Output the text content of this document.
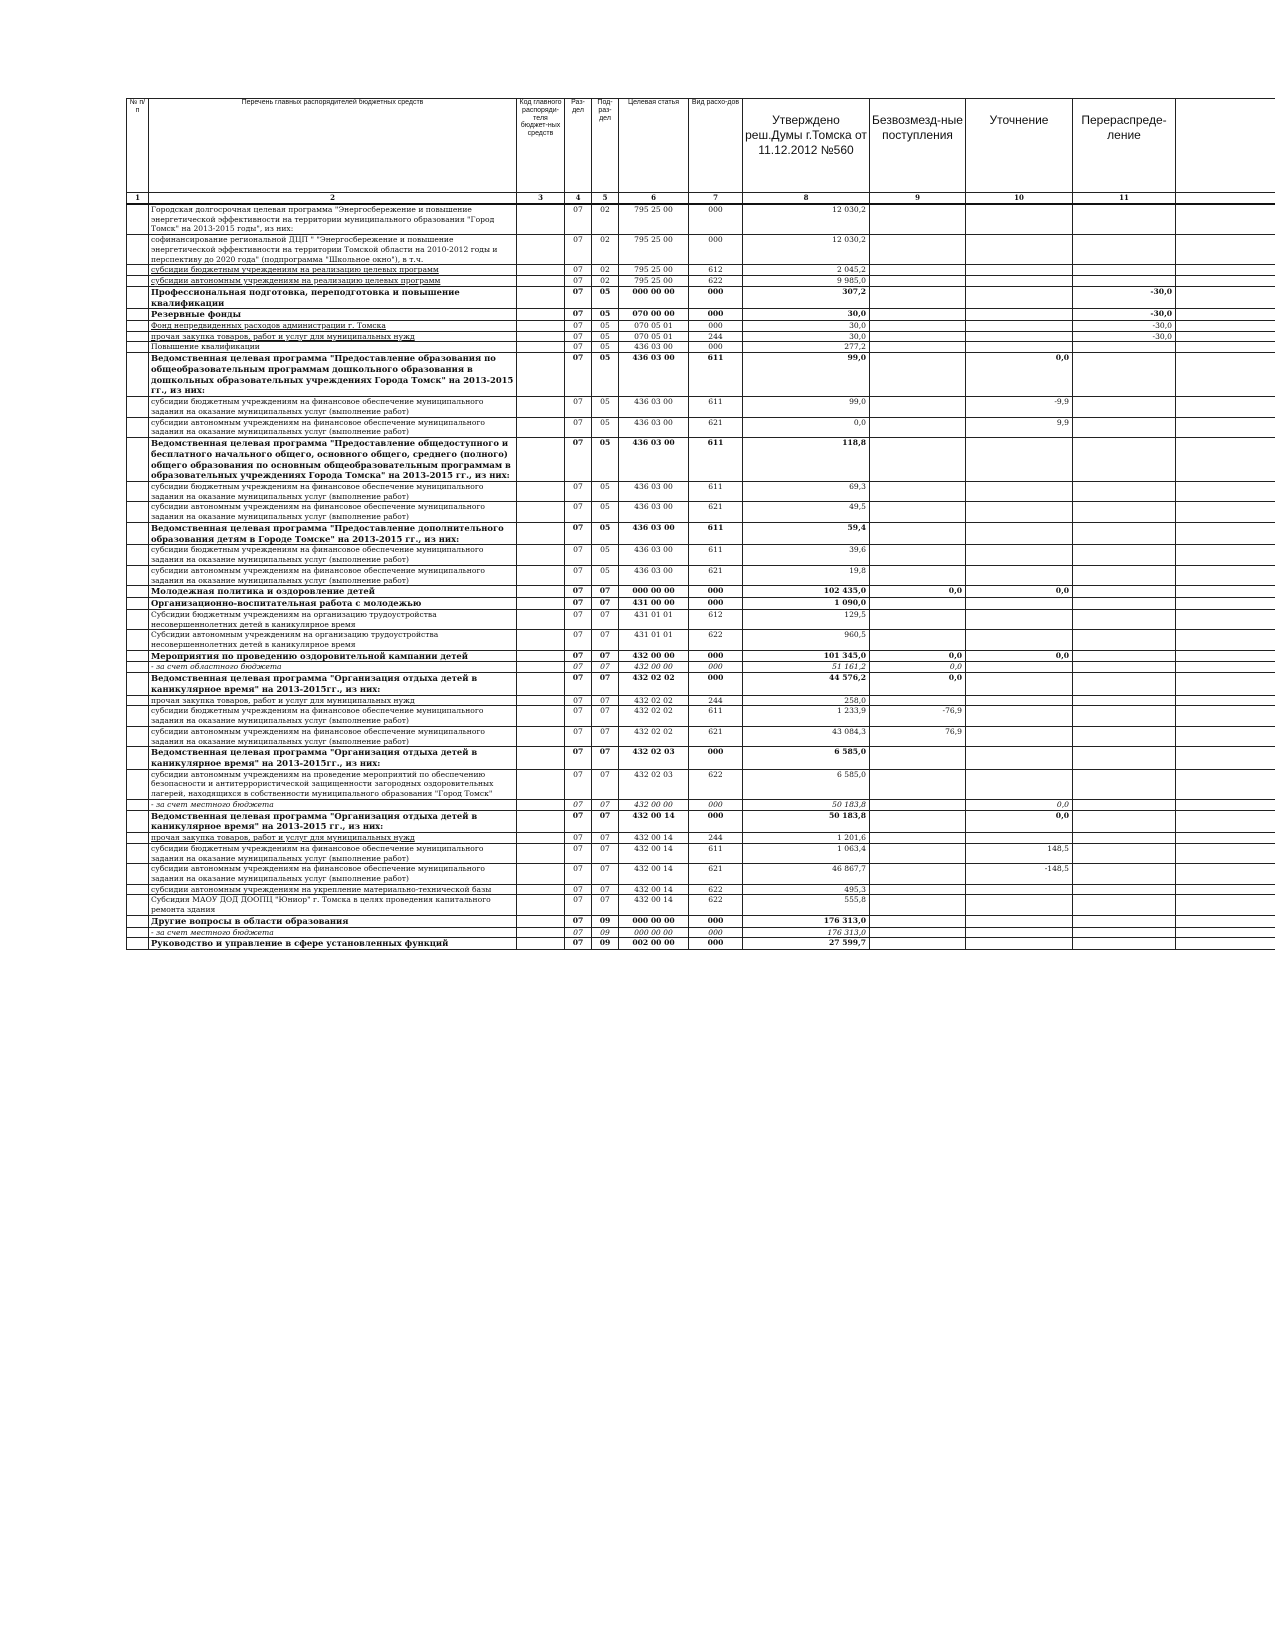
№ п/п	Перечень главных распорядителей бюджетных средств	Код главного распоряди-теля бюджет-ных средств	Раз-дел	Под-раз-дел	Целевая статья	Вид расхо-дов	Утверждено реш.Думы г.Томска от 11.12.2012 №560	Безвозмезд-ные поступления	Уточнение	Перераспреде-ление	
1	2	3	4	5	6	7	8	9	10	11	
	Городская долгосрочная целевая программа "Энергосбережение и повышение энергетической эффективности на территории муниципального образования "Город Томск" на 2013-2015 годы", из них:		07	02	795 25 00	000	12 030,2				
	софинансирование региональной ДЦП " "Энергосбережение и повышение энергетической эффективности на территории Томской области на 2010-2012 годы и перспективу до 2020 года" (подпрограмма "Школьное окно"), в т.ч.		07	02	795 25 00	000	12 030,2				
	субсидии бюджетным учреждениям на реализацию целевых программ		07	02	795 25 00	612	2 045,2				
	субсидии автономным учреждениям на реализацию целевых программ		07	02	795 25 00	622	9 985,0				
	Профессиональная подготовка, переподготовка и повышение квалификации		07	05	000 00 00	000	307,2			-30,0	
	Резервные фонды		07	05	070 00 00	000	30,0			-30,0	
	Фонд непредвиденных расходов администрации г. Томска		07	05	070 05 01	000	30,0			-30,0	
	прочая закупка товаров, работ и услуг для муниципальных нужд		07	05	070 05 01	244	30,0			-30,0	
	Повышение квалификации		07	05	436 03 00	000	277,2				
	Ведомственная целевая программа "Предоставление образования по общеобразовательным программам дошкольного образования в дошкольных образовательных учреждениях Города Томск" на 2013-2015 гг., из них:		07	05	436 03 00	611	99,0		0,0		
	субсидии бюджетным учреждениям на финансовое обеспечение муниципального задания на оказание муниципальных услуг (выполнение работ)		07	05	436 03 00	611	99,0		-9,9		
	субсидии автономным учреждениям на финансовое обеспечение муниципального задания на оказание муниципальных услуг (выполнение работ)		07	05	436 03 00	621	0,0		9,9		
	Ведомственная целевая программа "Предоставление общедоступного и бесплатного начального общего, основного общего, среднего (полного) общего образования по основным общеобразовательным программам в образовательных учреждениях Города Томска" на 2013-2015 гг., из них:		07	05	436 03 00	611	118,8				
	субсидии бюджетным учреждениям на финансовое обеспечение муниципального задания на оказание муниципальных услуг (выполнение работ)		07	05	436 03 00	611	69,3				
	субсидии автономным учреждениям на финансовое обеспечение муниципального задания на оказание муниципальных услуг (выполнение работ)		07	05	436 03 00	621	49,5				
	Ведомственная целевая программа "Предоставление дополнительного образования детям в Городе Томске" на 2013-2015 гг., из них:		07	05	436 03 00	611	59,4				
	субсидии бюджетным учреждениям на финансовое обеспечение муниципального задания на оказание муниципальных услуг (выполнение работ)		07	05	436 03 00	611	39,6				
	субсидии автономным учреждениям на финансовое обеспечение муниципального задания на оказание муниципальных услуг (выполнение работ)		07	05	436 03 00	621	19,8				
	Молодежная политика и оздоровление детей		07	07	000 00 00	000	102 435,0	0,0	0,0		
	Организационно-воспитательная работа с молодежью		07	07	431 00 00	000	1 090,0				
	Субсидии бюджетным учреждениям на организацию трудоустройства несовершеннолетних детей в каникулярное время		07	07	431 01 01	612	129,5				
	Субсидии автономным учреждениям на организацию трудоустройства несовершеннолетних детей в каникулярное время		07	07	431 01 01	622	960,5				
	Мероприятия по проведению оздоровительной кампании детей		07	07	432 00 00	000	101 345,0	0,0	0,0		
	- за счет областного бюджета		07	07	432 00 00	000	51 161,2	0,0			
	Ведомственная целевая программа "Организация отдыха детей в каникулярное время" на 2013-2015гг., из них:		07	07	432 02 02	000	44 576,2	0,0			
	прочая закупка товаров, работ и услуг для муниципальных нужд		07	07	432 02 02	244	258,0				
	субсидии бюджетным учреждениям на финансовое обеспечение муниципального задания на оказание муниципальных услуг (выполнение работ)		07	07	432 02 02	611	1 233,9	-76,9			
	субсидии автономным учреждениям на финансовое обеспечение муниципального задания на оказание муниципальных услуг (выполнение работ)		07	07	432 02 02	621	43 084,3	76,9			
	Ведомственная целевая программа "Организация отдыха детей в каникулярное время" на 2013-2015гг., из них:		07	07	432 02 03	000	6 585,0				
	субсидии автономным учреждениям на проведение мероприятий по обеспечению безопасности и антитеррористической защищенности загородных оздоровительных лагерей, находящихся в собственности муниципального образования "Город Томск"		07	07	432 02 03	622	6 585,0				
	- за счет местного бюджета		07	07	432 00 00	000	50 183,8		0,0		
	Ведомственная целевая программа "Организация отдыха детей в каникулярное время" на 2013-2015 гг., из них:		07	07	432 00 14	000	50 183,8		0,0		
	прочая закупка товаров, работ и услуг для муниципальных нужд		07	07	432 00 14	244	1 201,6				
	субсидии бюджетным учреждениям на финансовое обеспечение муниципального задания на оказание муниципальных услуг (выполнение работ)		07	07	432 00 14	611	1 063,4		148,5		
	субсидии автономным учреждениям на финансовое обеспечение муниципального задания на оказание муниципальных услуг (выполнение работ)		07	07	432 00 14	621	46 867,7		-148,5		
	субсидии автономным учреждениям на укрепление материально-технической базы		07	07	432 00 14	622	495,3				
	Субсидия МАОУ ДОД ДООПЦ "Юниор" г. Томска в целях проведения капитального ремонта здания		07	07	432 00 14	622	555,8				
	Другие вопросы в области образования		07	09	000 00 00	000	176 313,0				
	- за счет местного бюджета		07	09	000 00 00	000	176 313,0				
	Руководство и управление в сфере установленных функций		07	09	002 00 00	000	27 599,7				
